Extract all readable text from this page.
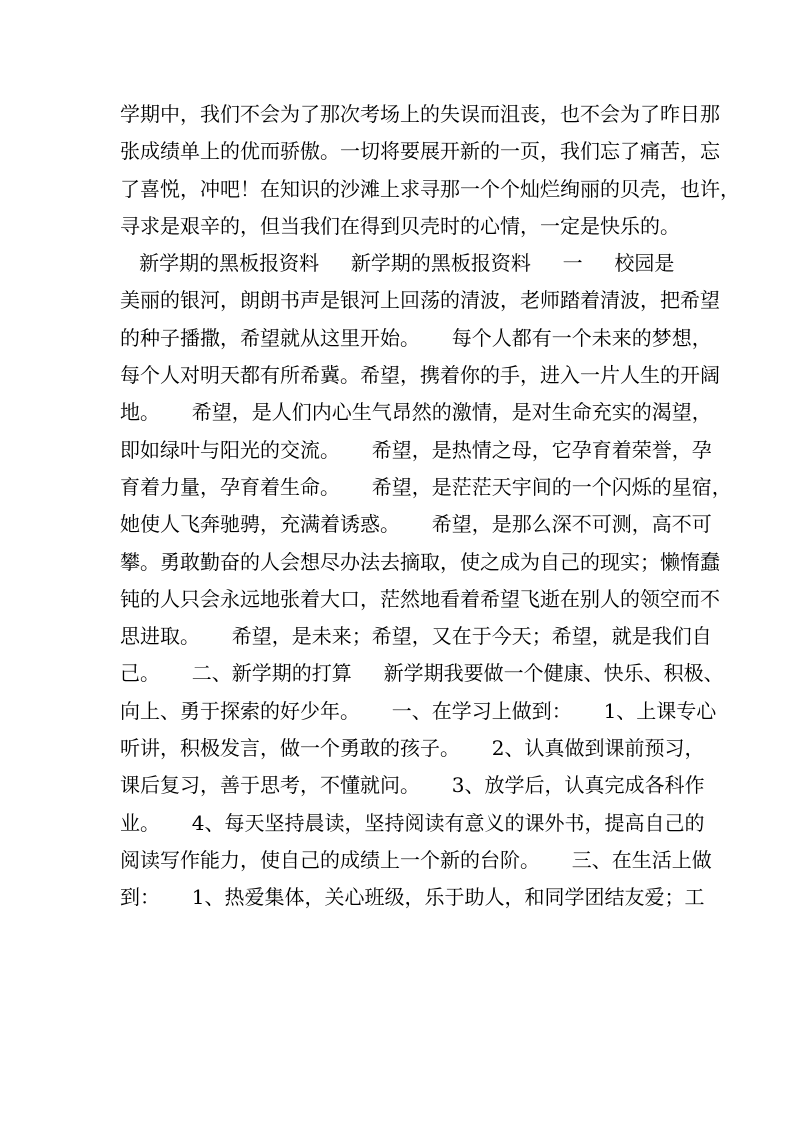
学期中，我们不会为了那次考场上的失误而沮丧，也不会为了昨日那
张成绩单上的优而骄傲。一切将要展开新的一页，我们忘了痛苦，忘
了喜悦，冲吧！在知识的沙滩上求寻那一个个灿烂绚丽的贝壳，也许，
寻求是艰辛的，但当我们在得到贝壳时的心情，一定是快乐的。
新学期的黑板报资料     新学期的黑板报资料     一     校园是
美丽的银河，朗朗书声是银河上回荡的清波，老师踏着清波，把希望
的种子播撒，希望就从这里开始。     每个人都有一个未来的梦想，
每个人对明天都有所希冀。希望，携着你的手，进入一片人生的开阔
地。     希望，是人们内心生气昂然的激情，是对生命充实的渴望，
即如绿叶与阳光的交流。     希望，是热情之母，它孕育着荣誉，孕
育着力量，孕育着生命。     希望，是茫茫天宇间的一个闪烁的星宿，
她使人飞奔驰骋，充满着诱惑。     希望，是那么深不可测，高不可
攀。勇敢勤奋的人会想尽办法去摘取，使之成为自己的现实；懒惰蠢
钝的人只会永远地张着大口，茫然地看着希望飞逝在别人的领空而不
思进取。     希望，是未来；希望，又在于今天；希望，就是我们自
己。     二、新学期的打算     新学期我要做一个健康、快乐、积极、
向上、勇于探索的好少年。     一、在学习上做到：     1、上课专心
听讲，积极发言，做一个勇敢的孩子。     2、认真做到课前预习，
课后复习，善于思考，不懂就问。     3、放学后，认真完成各科作
业。     4、每天坚持晨读，坚持阅读有意义的课外书，提高自己的
阅读写作能力，使自己的成绩上一个新的台阶。     三、在生活上做
到：     1、热爱集体，关心班级，乐于助人，和同学团结友爱；工
